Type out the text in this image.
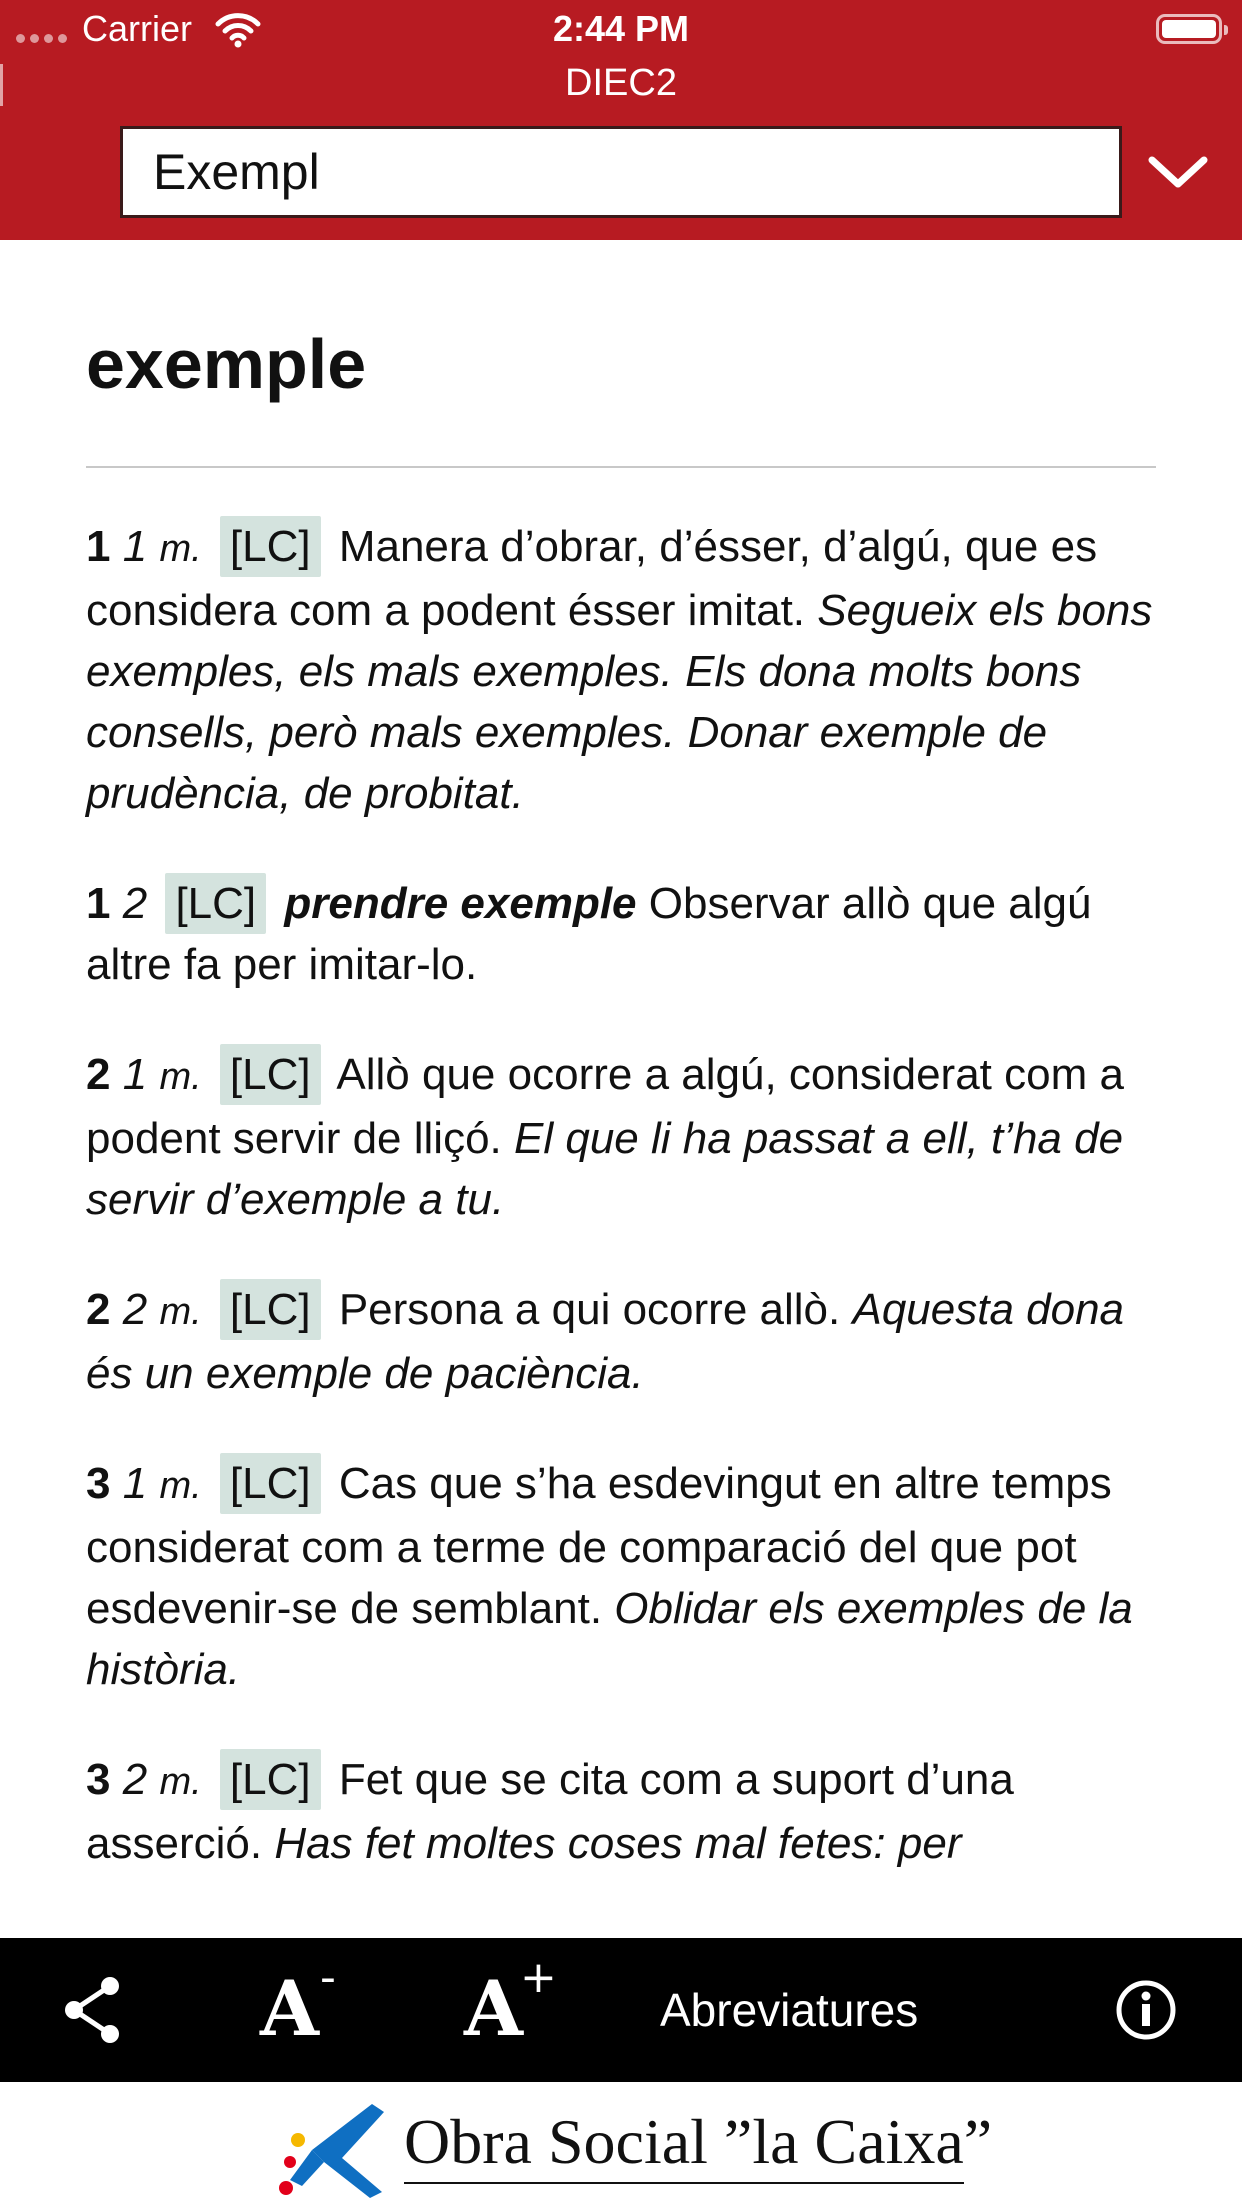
Carrier	2:44 PM
DIEC2
Exempl
exemple

1 1 m. [LC] Manera d’obrar, d’ésser, d’algú, que es considera com a podent ésser imitat. Segueix els bons exemples, els mals exemples. Els dona molts bons consells, però mals exemples. Donar exemple de prudència, de probitat.

1 2 [LC] prendre exemple Observar allò que algú altre fa per imitar-lo.

2 1 m. [LC] Allò que ocorre a algú, considerat com a podent servir de lliçó. El que li ha passat a ell, t’ha de servir d’exemple a tu.

2 2 m. [LC] Persona a qui ocorre allò. Aquesta dona és un exemple de paciència.

3 1 m. [LC] Cas que s’ha esdevingut en altre temps considerat com a terme de comparació del que pot esdevenir-se de semblant. Oblidar els exemples de la història.

3 2 m. [LC] Fet que se cita com a suport d’una asserció. Has fet moltes coses mal fetes: per

A - A
+
Abreviatures
Obra Social ”la Caixa”
